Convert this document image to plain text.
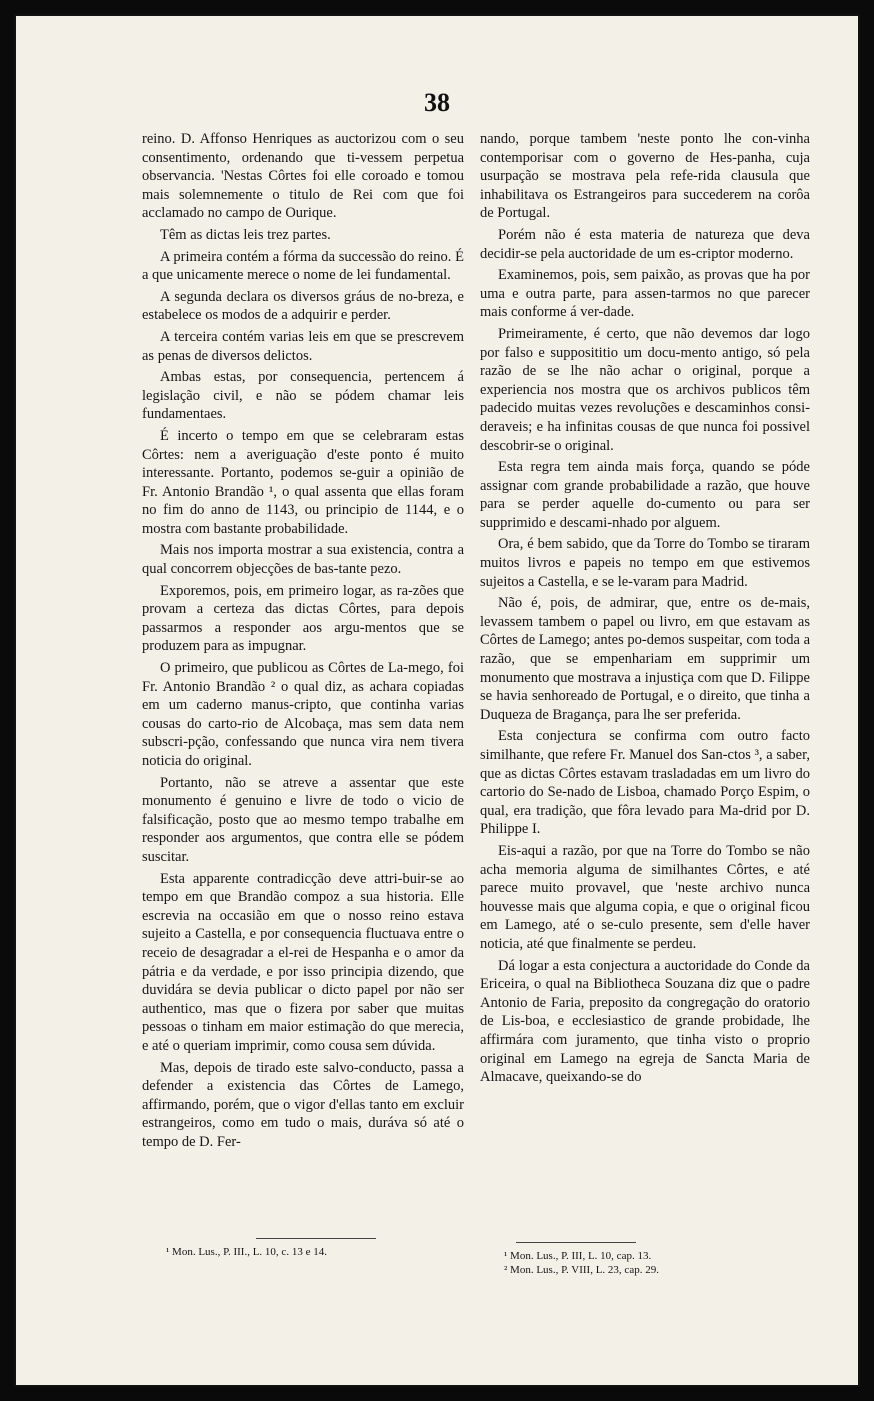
38

reino. D. Affonso Henriques as auctorizou com o seu consentimento, ordenando que ti-vessem perpetua observancia. 'Nestas Côrtes foi elle coroado e tomou mais solemnemente o titulo de Rei com que foi acclamado no campo de Ourique.

Têm as dictas leis trez partes.

A primeira contém a fórma da successão do reino. É a que unicamente merece o nome de lei fundamental.

A segunda declara os diversos gráus de no-breza, e estabelece os modos de a adquirir e perder.

A terceira contém varias leis em que se prescrevem as penas de diversos delictos.

Ambas estas, por consequencia, pertencem á legislação civil, e não se pódem chamar leis fundamentaes.

É incerto o tempo em que se celebraram estas Côrtes: nem a averiguação d'este ponto é muito interessante. Portanto, podemos se-guir a opinião de Fr. Antonio Brandão ¹, o qual assenta que ellas foram no fim do anno de 1143, ou principio de 1144, e o mostra com bastante probabilidade.

Mais nos importa mostrar a sua existencia, contra a qual concorrem objecções de bas-tante pezo.

Exporemos, pois, em primeiro logar, as ra-zões que provam a certeza das dictas Côrtes, para depois passarmos a responder aos argu-mentos que se produzem para as impugnar.

O primeiro, que publicou as Côrtes de La-mego, foi Fr. Antonio Brandão ² o qual diz, as achara copiadas em um caderno manus-cripto, que continha varias cousas do carto-rio de Alcobaça, mas sem data nem subscri-pção, confessando que nunca vira nem tivera noticia do original.

Portanto, não se atreve a assentar que este monumento é genuino e livre de todo o vicio de falsificação, posto que ao mesmo tempo trabalhe em responder aos argumentos, que contra elle se pódem suscitar.

Esta apparente contradicção deve attri-buir-se ao tempo em que Brandão compoz a sua historia. Elle escrevia na occasião em que o nosso reino estava sujeito a Castella, e por consequencia fluctuava entre o receio de desagradar a el-rei de Hespanha e o amor da pátria e da verdade, e por isso principia dizendo, que duvidára se devia publicar o dicto papel por não ser authentico, mas que o fizera por saber que muitas pessoas o tinham em maior estimação do que merecia, e até o queriam imprimir, como cousa sem dúvida.

Mas, depois de tirado este salvo-conducto, passa a defender a existencia das Côrtes de Lamego, affirmando, porém, que o vigor d'ellas tanto em excluir estrangeiros, como em tudo o mais, duráva só até o tempo de D. Fer-

nando, porque tambem 'neste ponto lhe con-vinha contemporisar com o governo de Hes-panha, cuja usurpação se mostrava pela refe-rida clausula que inhabilitava os Estrangeiros para succederem na corôa de Portugal.

Porém não é esta materia de natureza que deva decidir-se pela auctoridade de um es-criptor moderno.

Examinemos, pois, sem paixão, as provas que ha por uma e outra parte, para assen-tarmos no que parecer mais conforme á ver-dade.

Primeiramente, é certo, que não devemos dar logo por falso e supposititio um docu-mento antigo, só pela razão de se lhe não achar o original, porque a experiencia nos mostra que os archivos publicos têm padecido muitas vezes revoluções e descaminhos consi-deraveis; e ha infinitas cousas de que nunca foi possivel descobrir-se o original.

Esta regra tem ainda mais força, quando se póde assignar com grande probabilidade a razão, que houve para se perder aquelle do-cumento ou para ser supprimido e descami-nhado por alguem.

Ora, é bem sabido, que da Torre do Tombo se tiraram muitos livros e papeis no tempo em que estivemos sujeitos a Castella, e se le-varam para Madrid.

Não é, pois, de admirar, que, entre os de-mais, levassem tambem o papel ou livro, em que estavam as Côrtes de Lamego; antes po-demos suspeitar, com toda a razão, que se empenhariam em supprimir um monumento que mostrava a injustiça com que D. Filippe se havia senhoreado de Portugal, e o direito, que tinha a Duqueza de Bragança, para lhe ser preferida.

Esta conjectura se confirma com outro facto similhante, que refere Fr. Manuel dos San-ctos ³, a saber, que as dictas Côrtes estavam trasladadas em um livro do cartorio do Se-nado de Lisboa, chamado Porço Espim, o qual, era tradição, que fôra levado para Ma-drid por D. Philippe I.

Eis-aqui a razão, por que na Torre do Tombo se não acha memoria alguma de similhantes Côrtes, e até parece muito provavel, que 'neste archivo nunca houvesse mais que alguma copia, e que o original ficou em Lamego, até o se-culo presente, sem d'elle haver noticia, até que finalmente se perdeu.

Dá logar a esta conjectura a auctoridade do Conde da Ericeira, o qual na Bibliotheca Souzana diz que o padre Antonio de Faria, preposito da congregação do oratorio de Lis-boa, e ecclesiastico de grande probidade, lhe affirmára com juramento, que tinha visto o proprio original em Lamego na egreja de Sancta Maria de Almacave, queixando-se do

¹ Mon. Lus., P. III., L. 10, c. 13 e 14.	¹ Mon. Lus., P. III, L. 10, cap. 13.
² Mon. Lus., P. VIII, L. 23, cap. 29.
